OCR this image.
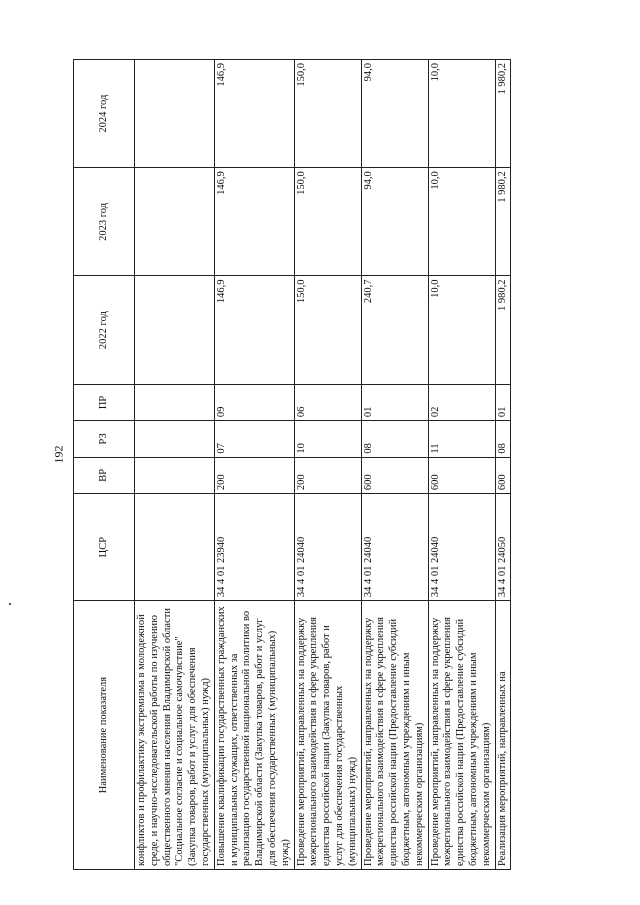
192
Наименование показателя	ЦСР	ВР	РЗ	ПР	2022 год	2023 год	2024 год
конфликтов и профилактику экстремизма в молодежной среде, и научно-исследовательской работы по изучению общественного мнения населения Владимирской области "Социальное согласие и социальное самочувствие" (Закупка товаров, работ и услуг для обеспечения государственных (муниципальных) нужд)							
Повышение квалификации государственных гражданских и муниципальных служащих, ответственных за реализацию государственной национальной политики во Владимирской области (Закупка товаров, работ и услуг для обеспечения государственных (муниципальных) нужд)	34 4 01 23940	200	07	09	146,9	146,9	146,9
Проведение мероприятий, направленных на поддержку межрегионального взаимодействия в сфере укрепления единства российской нации (Закупка товаров, работ и услуг для обеспечения государственных (муниципальных) нужд)	34 4 01 24040	200	10	06	150,0	150,0	150,0
Проведение мероприятий, направленных на поддержку межрегионального взаимодействия в сфере укрепления единства российской нации (Предоставление субсидий бюджетным, автономным учреждениям и иным некоммерческим организациям)	34 4 01 24040	600	08	01	240,7	94,0	94,0
Проведение мероприятий, направленных на поддержку межрегионального взаимодействия в сфере укрепления единства российской нации (Предоставление субсидий бюджетным, автономным учреждениям и иным некоммерческим организациям)	34 4 01 24040	600	11	02	10,0	10,0	10,0
Реализация мероприятий, направленных на	34 4 01 24050	600	08	01	1 980,2	1 980,2	1 980,2
